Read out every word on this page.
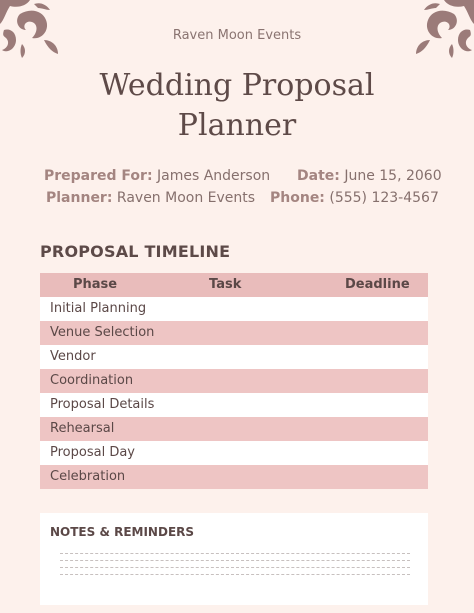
Raven Moon Events
Wedding Proposal
Planner
Prepared For: James Anderson Date: June 15, 2060
Planner: Raven Moon Events Phone: (555) 123-4567
PROPOSAL TIMELINE
Phase	Task	Deadline
Initial Planning
Venue Selection
Vendor
Coordination
Proposal Details
Rehearsal
Proposal Day
Celebration
NOTES & REMINDERS
